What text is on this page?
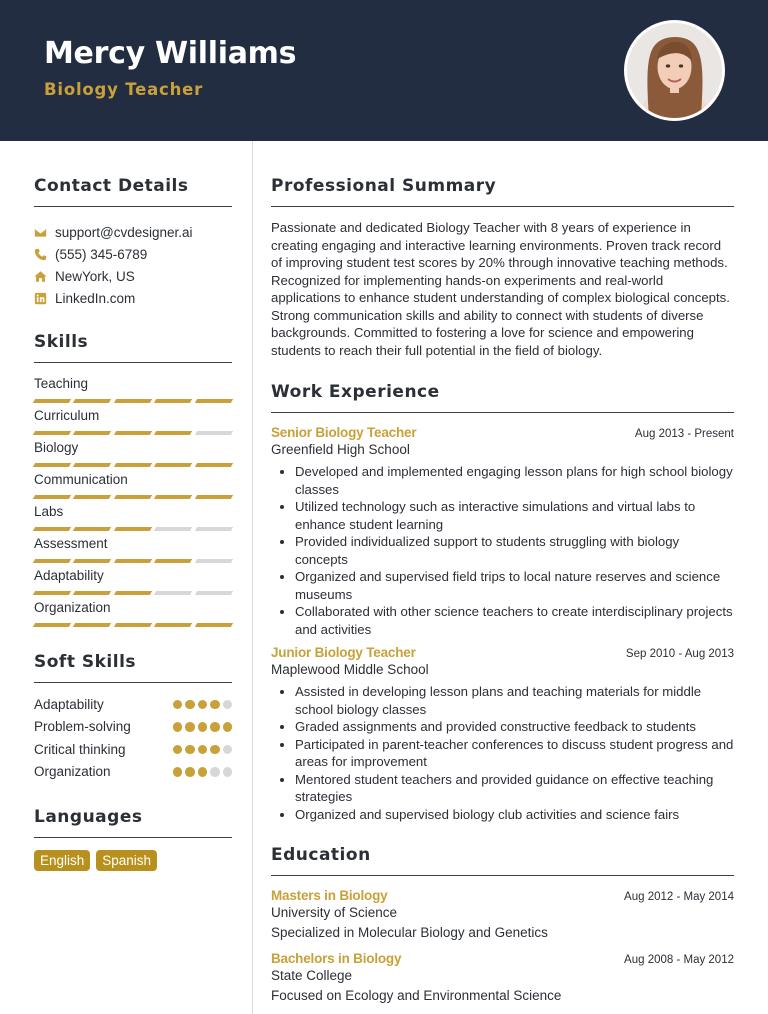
Mercy Williams
Biology Teacher
Contact Details
support@cvdesigner.ai
(555) 345-6789
NewYork, US
LinkedIn.com
Skills
Teaching
Curriculum
Biology
Communication
Labs
Assessment
Adaptability
Organization
Soft Skills
Adaptability
Problem-solving
Critical thinking
Organization
Languages
English	Spanish
Professional Summary
Passionate and dedicated Biology Teacher with 8 years of experience in creating engaging and interactive learning environments. Proven track record of improving student test scores by 20% through innovative teaching methods. Recognized for implementing hands-on experiments and real-world applications to enhance student understanding of complex biological concepts. Strong communication skills and ability to connect with students of diverse backgrounds. Committed to fostering a love for science and empowering students to reach their full potential in the field of biology.
Work Experience
Senior Biology Teacher	Aug 2013 - Present
Greenfield High School
• Developed and implemented engaging lesson plans for high school biology classes
• Utilized technology such as interactive simulations and virtual labs to enhance student learning
• Provided individualized support to students struggling with biology concepts
• Organized and supervised field trips to local nature reserves and science museums
• Collaborated with other science teachers to create interdisciplinary projects and activities
Junior Biology Teacher	Sep 2010 - Aug 2013
Maplewood Middle School
• Assisted in developing lesson plans and teaching materials for middle school biology classes
• Graded assignments and provided constructive feedback to students
• Participated in parent-teacher conferences to discuss student progress and areas for improvement
• Mentored student teachers and provided guidance on effective teaching strategies
• Organized and supervised biology club activities and science fairs
Education
Masters in Biology	Aug 2012 - May 2014
University of Science
Specialized in Molecular Biology and Genetics
Bachelors in Biology	Aug 2008 - May 2012
State College
Focused on Ecology and Environmental Science
